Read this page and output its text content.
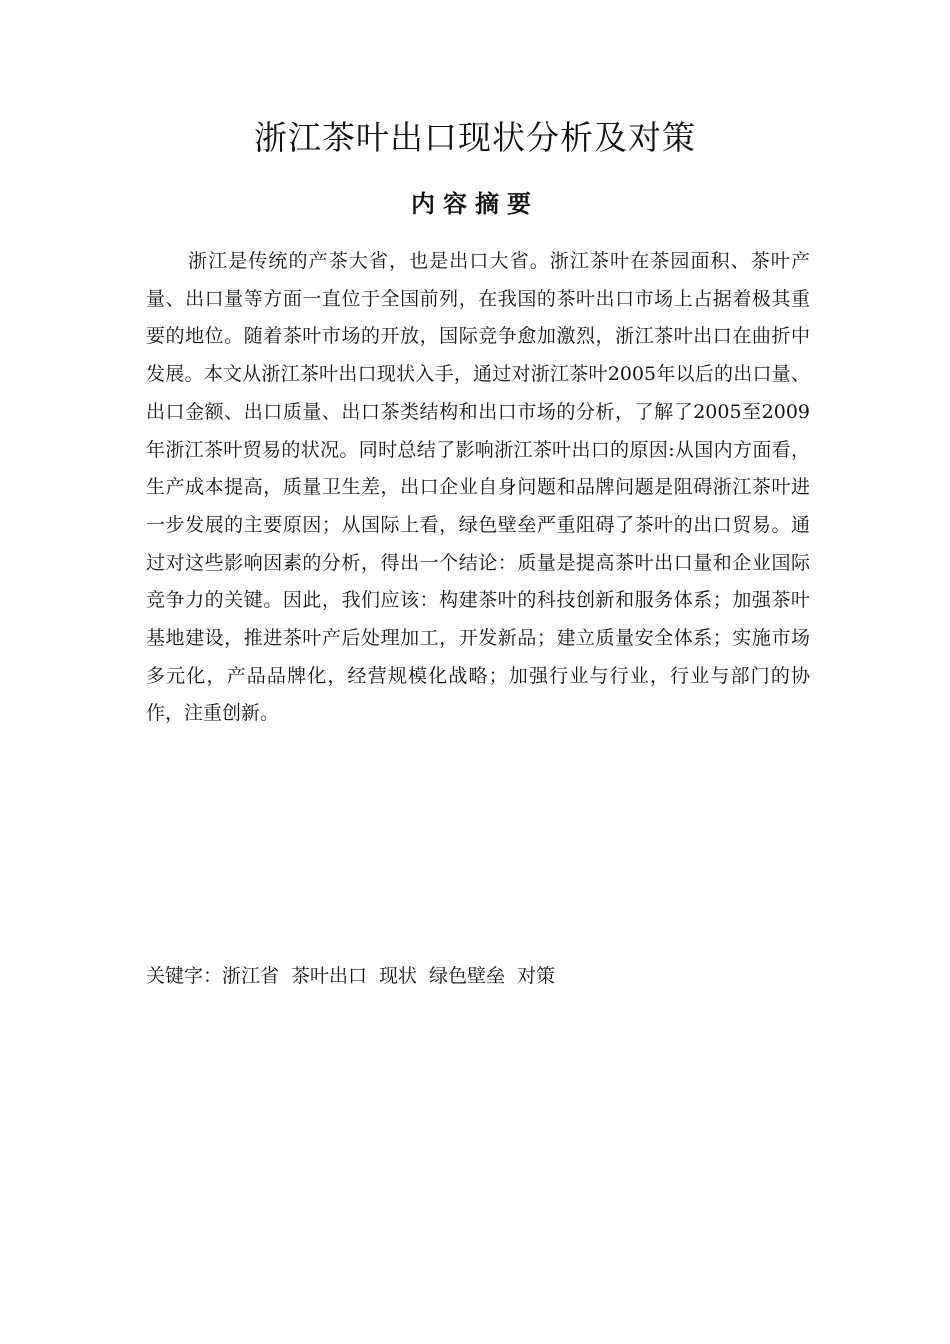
浙江茶叶出口现状分析及对策
内容摘要

浙江是传统的产茶大省，也是出口大省。浙江茶叶在茶园面积、茶叶产量、出口量等方面一直位于全国前列，在我国的茶叶出口市场上占据着极其重要的地位。随着茶叶市场的开放，国际竞争愈加激烈，浙江茶叶出口在曲折中发展。本文从浙江茶叶出口现状入手，通过对浙江茶叶2005年以后的出口量、出口金额、出口质量、出口茶类结构和出口市场的分析，了解了2005至2009年浙江茶叶贸易的状况。同时总结了影响浙江茶叶出口的原因:从国内方面看，生产成本提高，质量卫生差，出口企业自身问题和品牌问题是阻碍浙江茶叶进一步发展的主要原因；从国际上看，绿色壁垒严重阻碍了茶叶的出口贸易。通过对这些影响因素的分析，得出一个结论：质量是提高茶叶出口量和企业国际竞争力的关键。因此，我们应该：构建茶叶的科技创新和服务体系；加强茶叶基地建设，推进茶叶产后处理加工，开发新品；建立质量安全体系；实施市场多元化，产品品牌化，经营规模化战略；加强行业与行业，行业与部门的协作，注重创新。

关键字：浙江省 茶叶出口 现状 绿色壁垒 对策
